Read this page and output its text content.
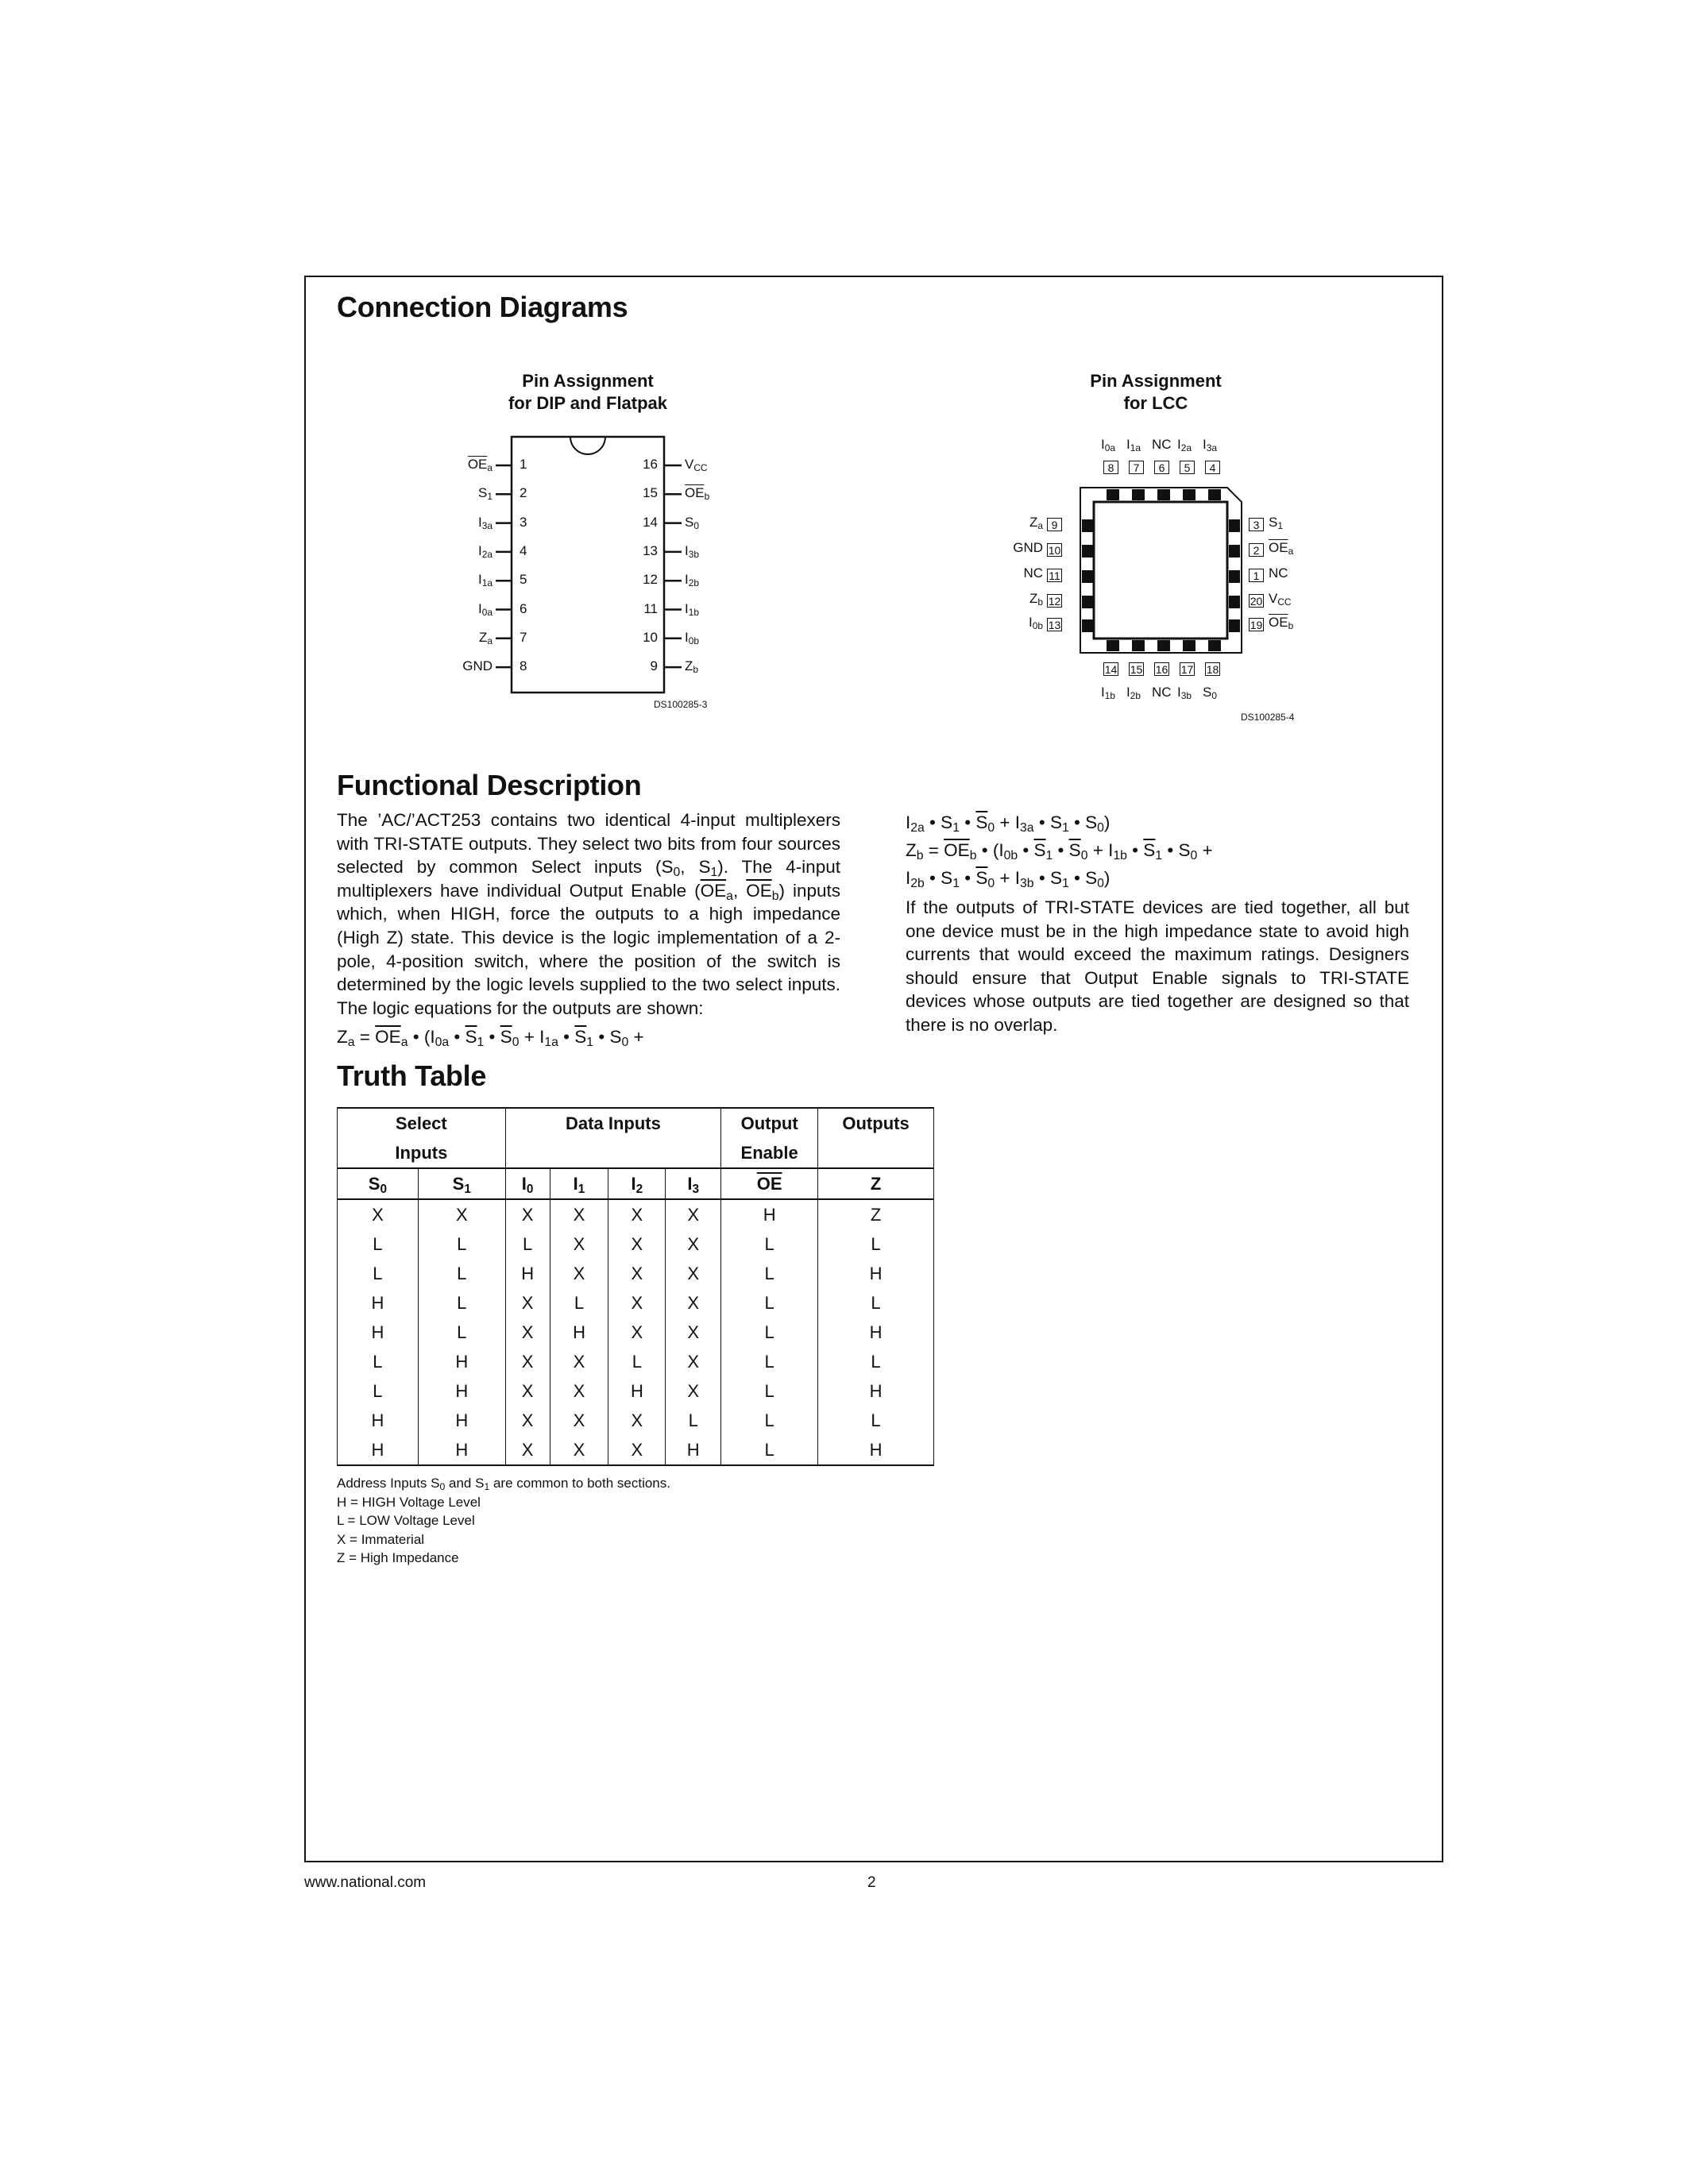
Connection Diagrams
Pin Assignment
for DIP and Flatpak
1
$\overline{OE}_a$
2
$S_1$
3
$I_{3a}$
4
$I_{2a}$
5
$I_{1a}$
6
$I_{0a}$
7
$Z_a$
8
GND
16 $V_{CC}$
15 $\overline{OE}_b$
14 $S_0$
13 $I_{3b}$
12 $I_{2b}$
11 $I_{1b}$
10 $I_{0b}$
9 $Z_b$
DS100285-3
Pin Assignment
for LCC
8
$I_{0a}$
7
$I_{1a}$
6
NC
5
$I_{2a}$
4
$I_{3a}$
14
$I_{1b}$
15
$I_{2b}$
16
NC
17
$I_{3b}$
18
$S_0$
9
$Z_a$
10
GND
11
NC
12
$Z_b$
13
$I_{0b}$
3 $S_1$
2 $\overline{OE}_a$
1 NC
20 $V_{CC}$
19 $\overline{OE}_b$
DS100285-4
Functional Description

The ’AC/’ACT253 contains two identical 4-input multiplexers with TRI-STATE outputs. They select two bits from four sources selected by common Select inputs ($S_0$, $S_1$). The 4-input multiplexers have individual Output Enable ($\overline{OE}_a$, $\overline{OE}_b$) inputs which, when HIGH, force the outputs to a high impedance (High Z) state. This device is the logic implementation of a 2-pole, 4-position switch, where the position of the switch is determined by the logic levels supplied to the two select inputs. The logic equations for the outputs are shown:

$Z_a = \overline{OE}_a$ • ($I_{0a}$ • $\overline{S}_1$ • $\overline{S}_0 + I_{1a}$ • $\overline{S}_1$ • $S_0$ +
$I_{2a}$ • $S_1$ • $\overline{S}_0 + I_{3a}$ • $S_1$ • $S_0$)
$Z_b = \overline{OE}_b$ • ($I_{0b}$ • $\overline{S}_1$ • $\overline{S}_0 + I_{1b}$ • $\overline{S}_1$ • $S_0$ +
$I_{2b}$ • $S_1$ • $\overline{S}_0 + I_{3b}$ • $S_1$ • $S_0$)

If the outputs of TRI-STATE devices are tied together, all but one device must be in the high impedance state to avoid high currents that would exceed the maximum ratings. Designers should ensure that Output Enable signals to TRI-STATE devices whose outputs are tied together are designed so that there is no overlap.

Truth Table
Select Inputs		Data Inputs				Output Enable	Outputs

$S_0$	$S_1$	$I_0$	$I_1$	$I_2$	$I_3$	$\overline{OE}$	Z
X	X	X	X	X	X	H	Z
L	L	L	X	X	X	L	L
L	L	H	X	X	X	L	H
H	L	X	L	X	X	L	L
H	L	X	H	X	X	L	H
L	H	X	X	L	X	L	L
L	H	X	X	H	X	L	H
H	H	X	X	X	L	L	L
H	H	X	X	X	H	L	H
Address Inputs $S_0$ and $S_1$ are common to both sections.
H = HIGH Voltage Level
L = LOW Voltage Level
X = Immaterial
Z = High Impedance
www.national.com	2
